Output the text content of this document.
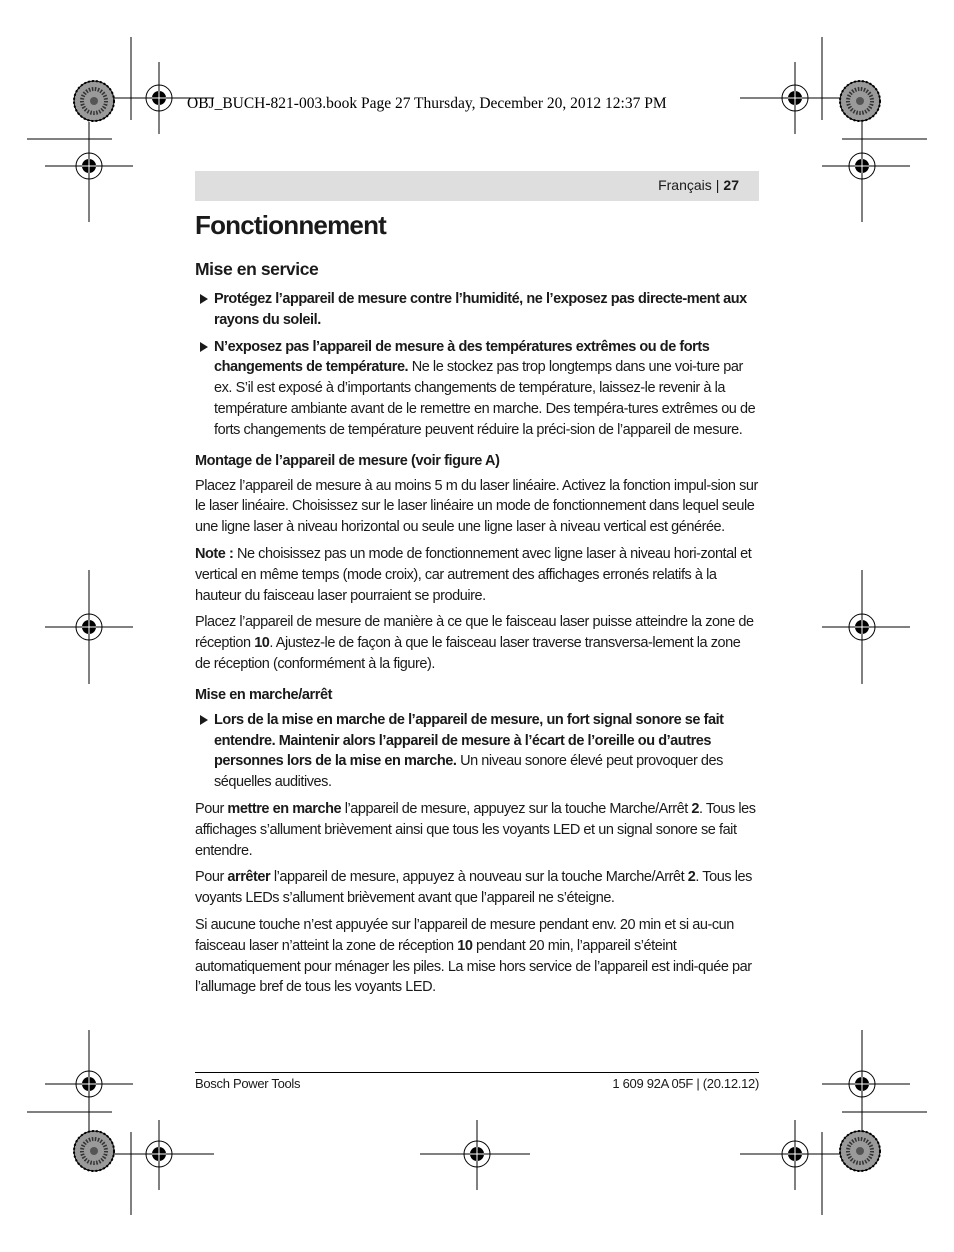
OBJ_BUCH-821-003.book Page 27 Thursday, December 20, 2012 12:37 PM
Français | 27
Fonctionnement
Mise en service

Protégez l’appareil de mesure contre l’humidité, ne l’exposez pas directe-ment aux rayons du soleil.

N’exposez pas l’appareil de mesure à des températures extrêmes ou de forts changements de température. Ne le stockez pas trop longtemps dans une voi-ture par ex. S’il est exposé à d’importants changements de température, laissez-le revenir à la température ambiante avant de le remettre en marche. Des tempéra-tures extrêmes ou de forts changements de température peuvent réduire la préci-sion de l’appareil de mesure.

Montage de l’appareil de mesure (voir figure A)

Placez l’appareil de mesure à au moins 5 m du laser linéaire. Activez la fonction impul-sion sur le laser linéaire. Choisissez sur le laser linéaire un mode de fonctionnement dans lequel seule une ligne laser à niveau horizontal ou seule une ligne laser à niveau vertical est générée.

Note : Ne choisissez pas un mode de fonctionnement avec ligne laser à niveau hori-zontal et vertical en même temps (mode croix), car autrement des affichages erronés relatifs à la hauteur du faisceau laser pourraient se produire.

Placez l’appareil de mesure de manière à ce que le faisceau laser puisse atteindre la zone de réception 10. Ajustez-le de façon à que le faisceau laser traverse transversa-lement la zone de réception (conformément à la figure).

Mise en marche/arrêt

Lors de la mise en marche de l’appareil de mesure, un fort signal sonore se fait entendre. Maintenir alors l’appareil de mesure à l’écart de l’oreille ou d’autres personnes lors de la mise en marche. Un niveau sonore élevé peut provoquer des séquelles auditives.

Pour mettre en marche l’appareil de mesure, appuyez sur la touche Marche/Arrêt 2. Tous les affichages s’allument brièvement ainsi que tous les voyants LED et un signal sonore se fait entendre.

Pour arrêter l’appareil de mesure, appuyez à nouveau sur la touche Marche/Arrêt 2. Tous les voyants LEDs s’allument brièvement avant que l’appareil ne s’éteigne.

Si aucune touche n’est appuyée sur l’appareil de mesure pendant env. 20 min et si au-cun faisceau laser n’atteint la zone de réception 10 pendant 20 min, l’appareil s’éteint automatiquement pour ménager les piles. La mise hors service de l’appareil est indi-quée par l’allumage bref de tous les voyants LED.

Bosch Power Tools	1 609 92A 05F | (20.12.12)
